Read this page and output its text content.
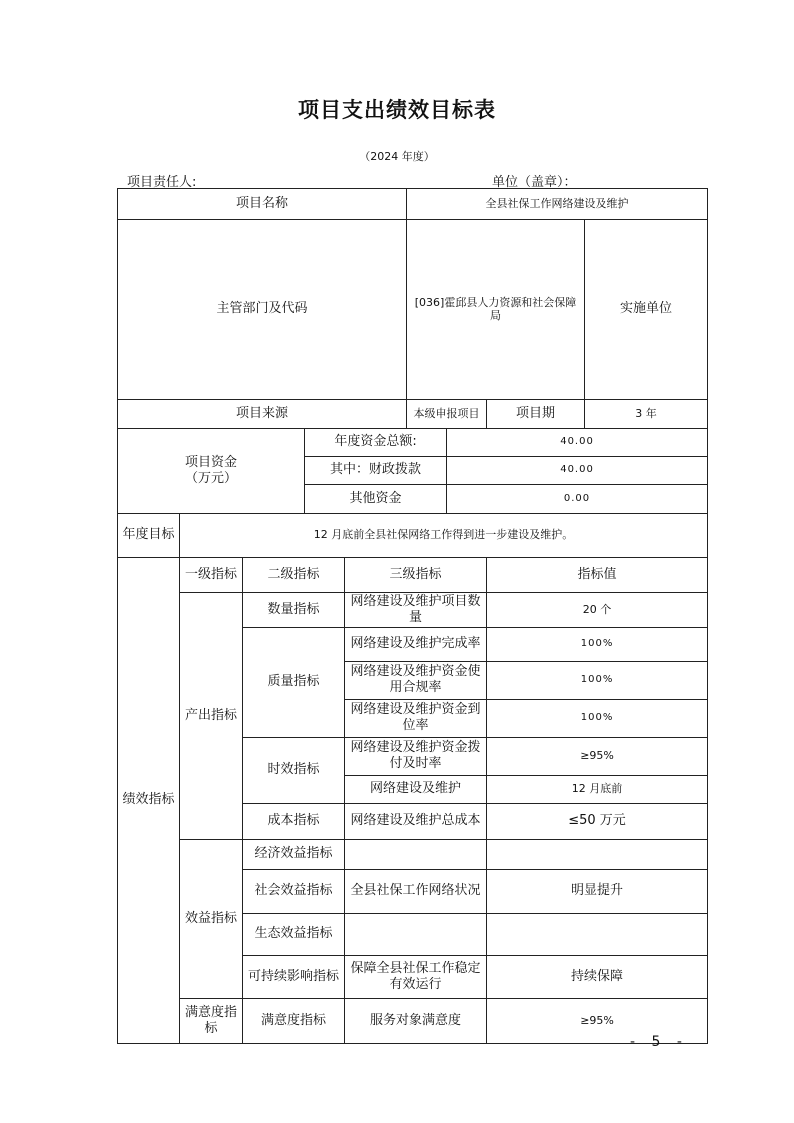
项目支出绩效目标表
（2024 年度）
项目责任人:	单位（盖章）：
项目名称					全县社保工作网络建设及维护				
主管部门及代码					[036]霍邱县人力资源和社会保障局			实施单位	
项目来源					本级申报项目		项目期	3 年	
项目资金
（万元）			年度资金总额:			40.00			
			其中：财政拨款			40.00			
			其他资金			0.00			
年度目标	12 月底前全县社保网络工作得到进一步建设及维护。								
绩效指标	一级指标	二级指标		三级指标			指标值		
	产出指标	数量指标		网络建设及维护项目数量			20 个		
		质量指标		网络建设及维护完成率			100%		
				网络建设及维护资金使用合规率			100%		
				网络建设及维护资金到位率			100%		
		时效指标		网络建设及维护资金拨付及时率			≥95%		
				网络建设及维护			12 月底前		
		成本指标		网络建设及维护总成本			≤50 万元		
	效益指标	经济效益指标							
		社会效益指标		全县社保工作网络状况			明显提升		
		生态效益指标							
		可持续影响指标		保障全县社保工作稳定有效运行			持续保障		
	满意度指标	满意度指标		服务对象满意度			≥95%		
- 5 -
